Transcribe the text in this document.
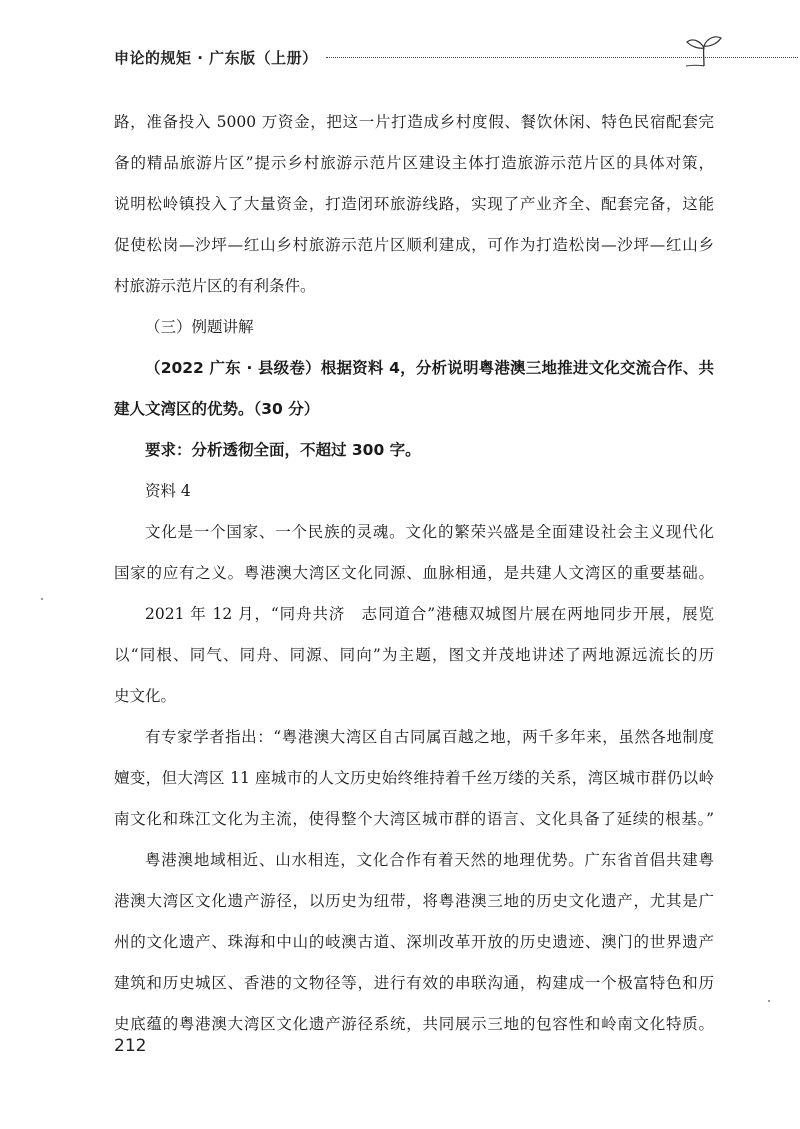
申论的规矩 · 广东版（上册）
路，准备投入 5000 万资金，把这一片打造成乡村度假、餐饮休闲、特色民宿配套完
备的精品旅游片区”提示乡村旅游示范片区建设主体打造旅游示范片区的具体对策，
说明松岭镇投入了大量资金，打造闭环旅游线路，实现了产业齐全、配套完备，这能
促使松岗—沙坪—红山乡村旅游示范片区顺利建成，可作为打造松岗—沙坪—红山乡
村旅游示范片区的有利条件。
（三）例题讲解
（2022 广东 · 县级卷）根据资料 4，分析说明粤港澳三地推进文化交流合作、共
建人文湾区的优势。（30 分）
要求：分析透彻全面，不超过 300 字。
资料 4
文化是一个国家、一个民族的灵魂。文化的繁荣兴盛是全面建设社会主义现代化
国家的应有之义。粤港澳大湾区文化同源、血脉相通，是共建人文湾区的重要基础。
2021 年 12 月，“同舟共济　志同道合”港穗双城图片展在两地同步开展，展览
以“同根、同气、同舟、同源、同向”为主题，图文并茂地讲述了两地源远流长的历
史文化。
有专家学者指出：“粤港澳大湾区自古同属百越之地，两千多年来，虽然各地制度
嬗变，但大湾区 11 座城市的人文历史始终维持着千丝万缕的关系，湾区城市群仍以岭
南文化和珠江文化为主流，使得整个大湾区城市群的语言、文化具备了延续的根基。”
粤港澳地域相近、山水相连，文化合作有着天然的地理优势。广东省首倡共建粤
港澳大湾区文化遗产游径，以历史为纽带，将粤港澳三地的历史文化遗产，尤其是广
州的文化遗产、珠海和中山的岐澳古道、深圳改革开放的历史遗迹、澳门的世界遗产
建筑和历史城区、香港的文物径等，进行有效的串联沟通，构建成一个极富特色和历
史底蕴的粤港澳大湾区文化遗产游径系统，共同展示三地的包容性和岭南文化特质。
212
